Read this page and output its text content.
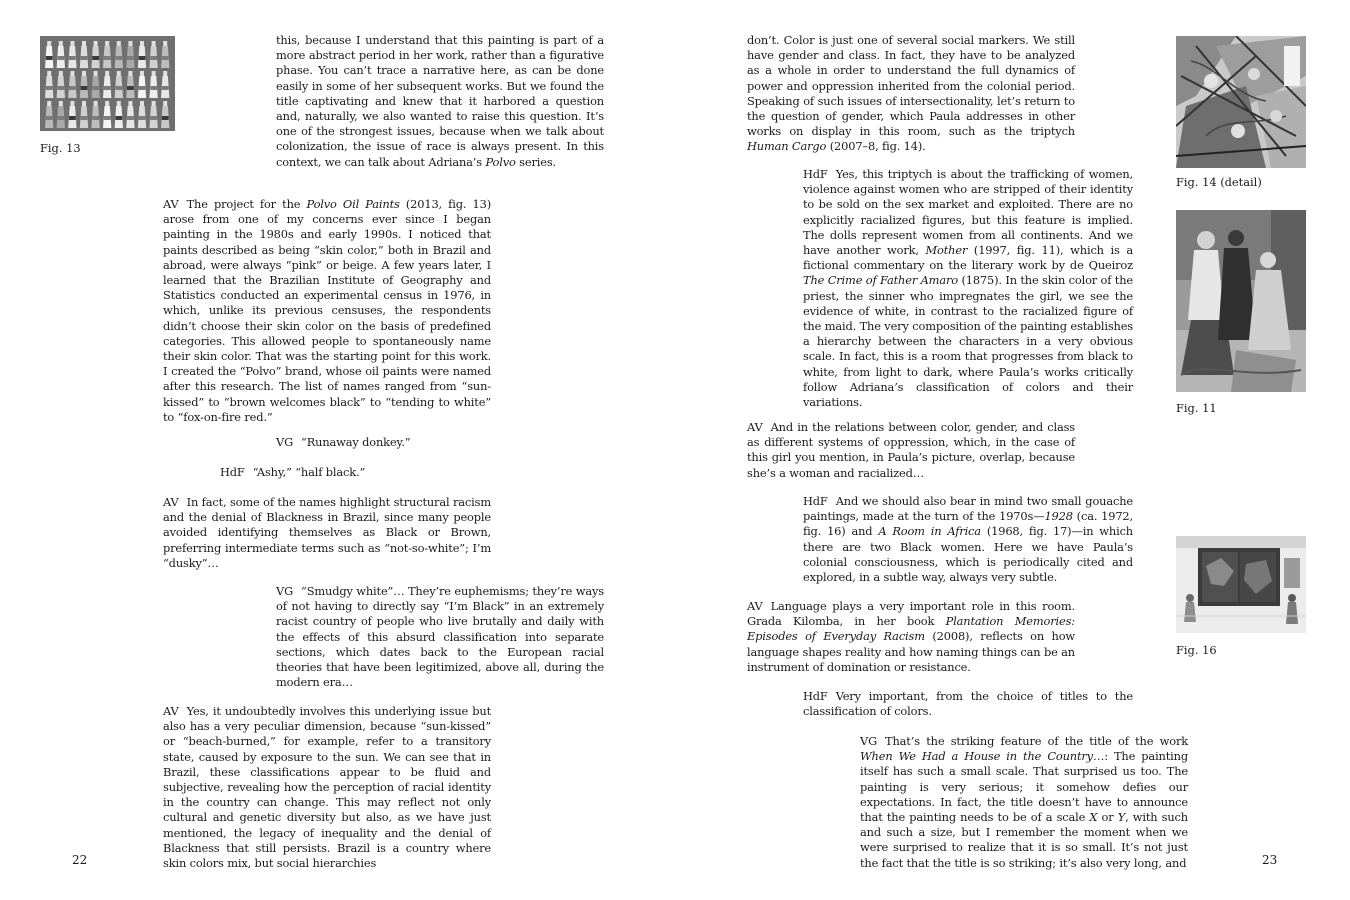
Fig. 13

this, because I understand that this painting is part of a more abstract period in her work, rather than a figurative phase. You can’t trace a narrative here, as can be done easily in some of her subsequent works. But we found the title captivating and knew that it harbored a question and, naturally, we also wanted to raise this question. It’s one of the strongest issues, because when we talk about colonization, the issue of race is always present. In this context, we can talk about Adriana’s Polvo series.

AV The project for the Polvo Oil Paints (2013, fig. 13) arose from one of my concerns ever since I began painting in the 1980s and early 1990s. I noticed that paints described as being “skin color,” both in Brazil and abroad, were always “pink” or beige. A few years later, I learned that the Brazilian Institute of Geography and Statistics conducted an experimental census in 1976, in which, unlike its previous censuses, the respondents didn’t choose their skin color on the basis of predefined categories. This allowed people to spontaneously name their skin color. That was the starting point for this work. I created the “Polvo” brand, whose oil paints were named after this research. The list of names ranged from “sun-kissed” to “brown welcomes black” to “tending to white” to “fox-on-fire red.”

VG “Runaway donkey.”

HdF “Ashy,” “half black.”

AV In fact, some of the names highlight structural racism and the denial of Blackness in Brazil, since many people avoided identifying themselves as Black or Brown, preferring intermediate terms such as “not-so-white”; I’m “dusky”…

VG “Smudgy white”… They’re euphemisms; they’re ways of not having to directly say “I’m Black” in an extremely racist country of people who live brutally and daily with the effects of this absurd classification into separate sections, which dates back to the European racial theories that have been legitimized, above all, during the modern era…

AV Yes, it undoubtedly involves this underlying issue but also has a very peculiar dimension, because “sun-kissed” or “beach-burned,” for example, refer to a transitory state, caused by exposure to the sun. We can see that in Brazil, these classifications appear to be fluid and subjective, revealing how the perception of racial identity in the country can change. This may reflect not only cultural and genetic diversity but also, as we have just mentioned, the legacy of inequality and the denial of Blackness that still persists. Brazil is a country where skin colors mix, but social hierarchies

22

don’t. Color is just one of several social markers. We still have gender and class. In fact, they have to be analyzed as a whole in order to understand the full dynamics of power and oppression inherited from the colonial period. Speaking of such issues of intersectionality, let’s return to the question of gender, which Paula addresses in other works on display in this room, such as the triptych Human Cargo (2007–8, fig. 14).

HdF Yes, this triptych is about the trafficking of women, violence against women who are stripped of their identity to be sold on the sex market and exploited. There are no explicitly racialized figures, but this feature is implied. The dolls represent women from all continents. And we have another work, Mother (1997, fig. 11), which is a fictional commentary on the literary work by de Queiroz The Crime of Father Amaro (1875). In the skin color of the priest, the sinner who impregnates the girl, we see the evidence of white, in contrast to the racialized figure of the maid. The very composition of the painting establishes a hierarchy between the characters in a very obvious scale. In fact, this is a room that progresses from black to white, from light to dark, where Paula’s works critically follow Adriana’s classification of colors and their variations.

AV And in the relations between color, gender, and class as different systems of oppression, which, in the case of this girl you mention, in Paula’s picture, overlap, because she’s a woman and racialized…

HdF And we should also bear in mind two small gouache paintings, made at the turn of the 1970s—1928 (ca. 1972, fig. 16) and A Room in Africa (1968, fig. 17)—in which there are two Black women. Here we have Paula’s colonial consciousness, which is periodically cited and explored, in a subtle way, always very subtle.

AV Language plays a very important role in this room. Grada Kilomba, in her book Plantation Memories: Episodes of Everyday Racism (2008), reflects on how language shapes reality and how naming things can be an instrument of domination or resistance.

HdF Very important, from the choice of titles to the classification of colors.

VG That’s the striking feature of the title of the work When We Had a House in the Country…: The painting itself has such a small scale. That surprised us too. The painting is very serious; it somehow defies our expectations. In fact, the title doesn’t have to announce that the painting needs to be of a scale X or Y, with such and such a size, but I remember the moment when we were surprised to realize that it is so small. It’s not just the fact that the title is so striking; it’s also very long, and

Fig. 14 (detail)
Fig. 11
Fig. 16
23
